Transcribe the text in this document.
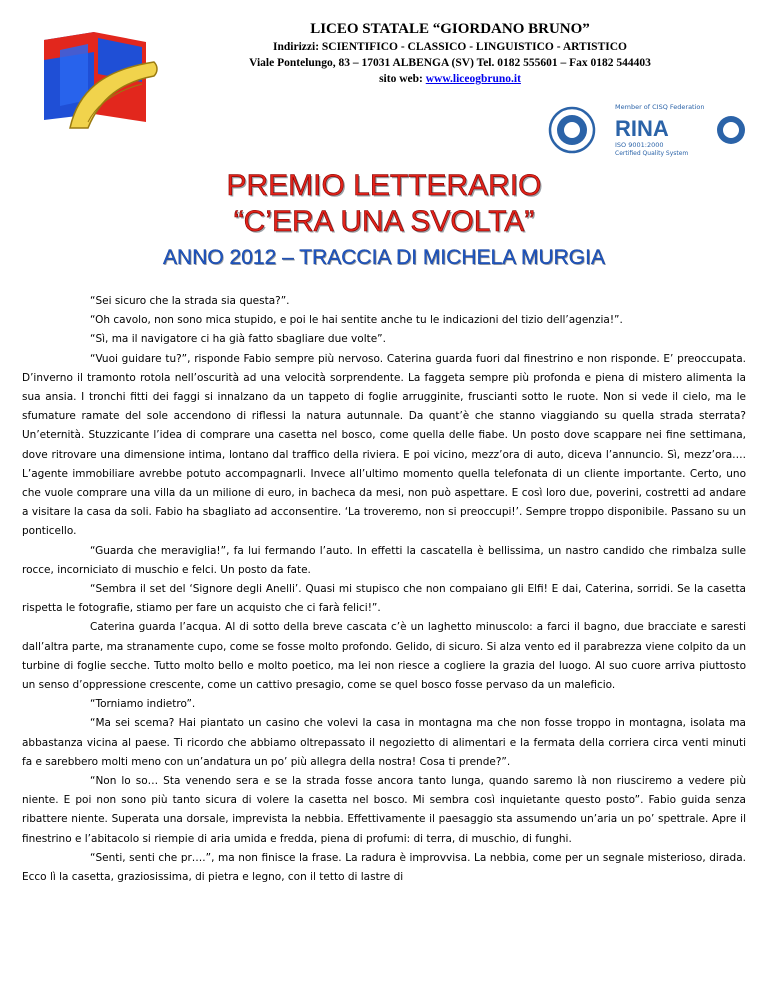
LICEO STATALE “GIORDANO BRUNO”
Indirizzi: SCIENTIFICO - CLASSICO - LINGUISTICO - ARTISTICO
Viale Pontelungo, 83 – 17031 ALBENGA (SV) Tel. 0182 555601 – Fax 0182 544403
sito web: www.liceogbruno.it
Member of CISQ Federation
RINA
ISO 9001:2000
Certified Quality System
PREMIO LETTERARIO
“C’ERA UNA SVOLTA”
ANNO 2012 – TRACCIA DI MICHELA MURGIA

“Sei sicuro che la strada sia questa?”.

“Oh cavolo, non sono mica stupido, e poi le hai sentite anche tu le indicazioni del tizio dell’agenzia!”.

“Sì, ma il navigatore ci ha già fatto sbagliare due volte”.

“Vuoi guidare tu?”, risponde Fabio sempre più nervoso. Caterina guarda fuori dal finestrino e non risponde. E’ preoccupata. D’inverno il tramonto rotola nell’oscurità ad una velocità sorprendente. La faggeta sempre più profonda e piena di mistero alimenta la sua ansia. I tronchi fitti dei faggi si innalzano da un tappeto di foglie arrugginite, fruscianti sotto le ruote. Non si vede il cielo, ma le sfumature ramate del sole accendono di riflessi la natura autunnale. Da quant’è che stanno viaggiando su quella strada sterrata? Un’eternità. Stuzzicante l’idea di comprare una casetta nel bosco, come quella delle fiabe. Un posto dove scappare nei fine settimana, dove ritrovare una dimensione intima, lontano dal traffico della riviera. E poi vicino, mezz’ora di auto, diceva l’annuncio. Sì, mezz’ora…. L’agente immobiliare avrebbe potuto accompagnarli. Invece all’ultimo momento quella telefonata di un cliente importante. Certo, uno che vuole comprare una villa da un milione di euro, in bacheca da mesi, non può aspettare. E così loro due, poverini, costretti ad andare a visitare la casa da soli. Fabio ha sbagliato ad acconsentire. ‘La troveremo, non si preoccupi!’. Sempre troppo disponibile. Passano su un ponticello.

“Guarda che meraviglia!”, fa lui fermando l’auto. In effetti la cascatella è bellissima, un nastro candido che rimbalza sulle rocce, incorniciato di muschio e felci. Un posto da fate.

“Sembra il set del ‘Signore degli Anelli’. Quasi mi stupisco che non compaiano gli Elfi! E dai, Caterina, sorridi. Se la casetta rispetta le fotografie, stiamo per fare un acquisto che ci farà felici!”.

Caterina guarda l’acqua. Al di sotto della breve cascata c’è un laghetto minuscolo: a farci il bagno, due bracciate e saresti dall’altra parte, ma stranamente cupo, come se fosse molto profondo. Gelido, di sicuro. Si alza vento ed il parabrezza viene colpito da un turbine di foglie secche. Tutto molto bello e molto poetico, ma lei non riesce a cogliere la grazia del luogo. Al suo cuore arriva piuttosto un senso d’oppressione crescente, come un cattivo presagio, come se quel bosco fosse pervaso da un maleficio.

“Torniamo indietro”.

“Ma sei scema? Hai piantato un casino che volevi la casa in montagna ma che non fosse troppo in montagna, isolata ma abbastanza vicina al paese. Ti ricordo che abbiamo oltrepassato il negozietto di alimentari e la fermata della corriera circa venti minuti fa e sarebbero molti meno con un’andatura un po’ più allegra della nostra! Cosa ti prende?”.

“Non lo so… Sta venendo sera e se la strada fosse ancora tanto lunga, quando saremo là non riusciremo a vedere più niente. E poi non sono più tanto sicura di volere la casetta nel bosco. Mi sembra così inquietante questo posto”. Fabio guida senza ribattere niente. Superata una dorsale, imprevista la nebbia. Effettivamente il paesaggio sta assumendo un’aria un po’ spettrale. Apre il finestrino e l’abitacolo si riempie di aria umida e fredda, piena di profumi: di terra, di muschio, di funghi.

“Senti, senti che pr….”, ma non finisce la frase. La radura è improvvisa. La nebbia, come per un segnale misterioso, dirada. Ecco lì la casetta, graziosissima, di pietra e legno, con il tetto di lastre di
